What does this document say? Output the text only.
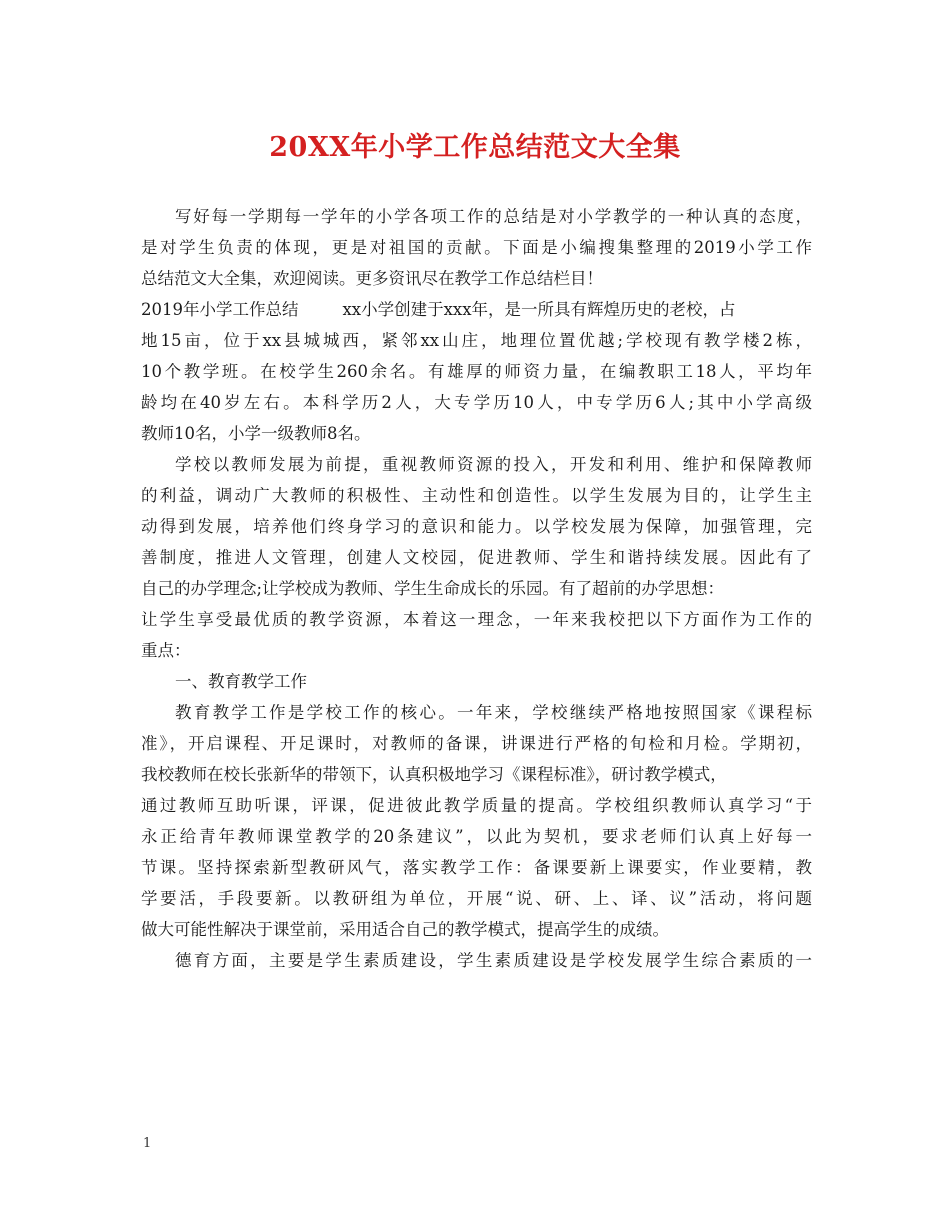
20XX年小学工作总结范文大全集
写好每一学期每一学年的小学各项工作的总结是对小学教学的一种认真的态度，
是对学生负责的体现，更是对祖国的贡献。下面是小编搜集整理的2019小学工作
总结范文大全集，欢迎阅读。更多资讯尽在教学工作总结栏目！
2019年小学工作总结	xx小学创建于xxx年，是一所具有辉煌历史的老校，占
地15亩，位于xx县城城西，紧邻xx山庄，地理位置优越;学校现有教学楼2栋，
10个教学班。在校学生260余名。有雄厚的师资力量，在编教职工18人，平均年
龄均在40岁左右。本科学历2人，大专学历10人，中专学历6人;其中小学高级
教师10名，小学一级教师8名。
学校以教师发展为前提，重视教师资源的投入，开发和利用、维护和保障教师
的利益，调动广大教师的积极性、主动性和创造性。以学生发展为目的，让学生主
动得到发展，培养他们终身学习的意识和能力。以学校发展为保障，加强管理，完
善制度，推进人文管理，创建人文校园，促进教师、学生和谐持续发展。因此有了
自己的办学理念;让学校成为教师、学生生命成长的乐园。有了超前的办学思想：
让学生享受最优质的教学资源，本着这一理念，一年来我校把以下方面作为工作的
重点：
一、教育教学工作
教育教学工作是学校工作的核心。一年来，学校继续严格地按照国家《课程标
准》，开启课程、开足课时，对教师的备课，讲课进行严格的旬检和月检。学期初，
我校教师在校长张新华的带领下，认真积极地学习《课程标准》，研讨教学模式，
通过教师互助听课，评课，促进彼此教学质量的提高。学校组织教师认真学习“于
永正给青年教师课堂教学的20条建议”，以此为契机，要求老师们认真上好每一
节课。坚持探索新型教研风气，落实教学工作：备课要新上课要实，作业要精，教
学要活，手段要新。以教研组为单位，开展“说、研、上、译、议”活动，将问题
做大可能性解决于课堂前，采用适合自己的教学模式，提高学生的成绩。
德育方面，主要是学生素质建设，学生素质建设是学校发展学生综合素质的一
1
